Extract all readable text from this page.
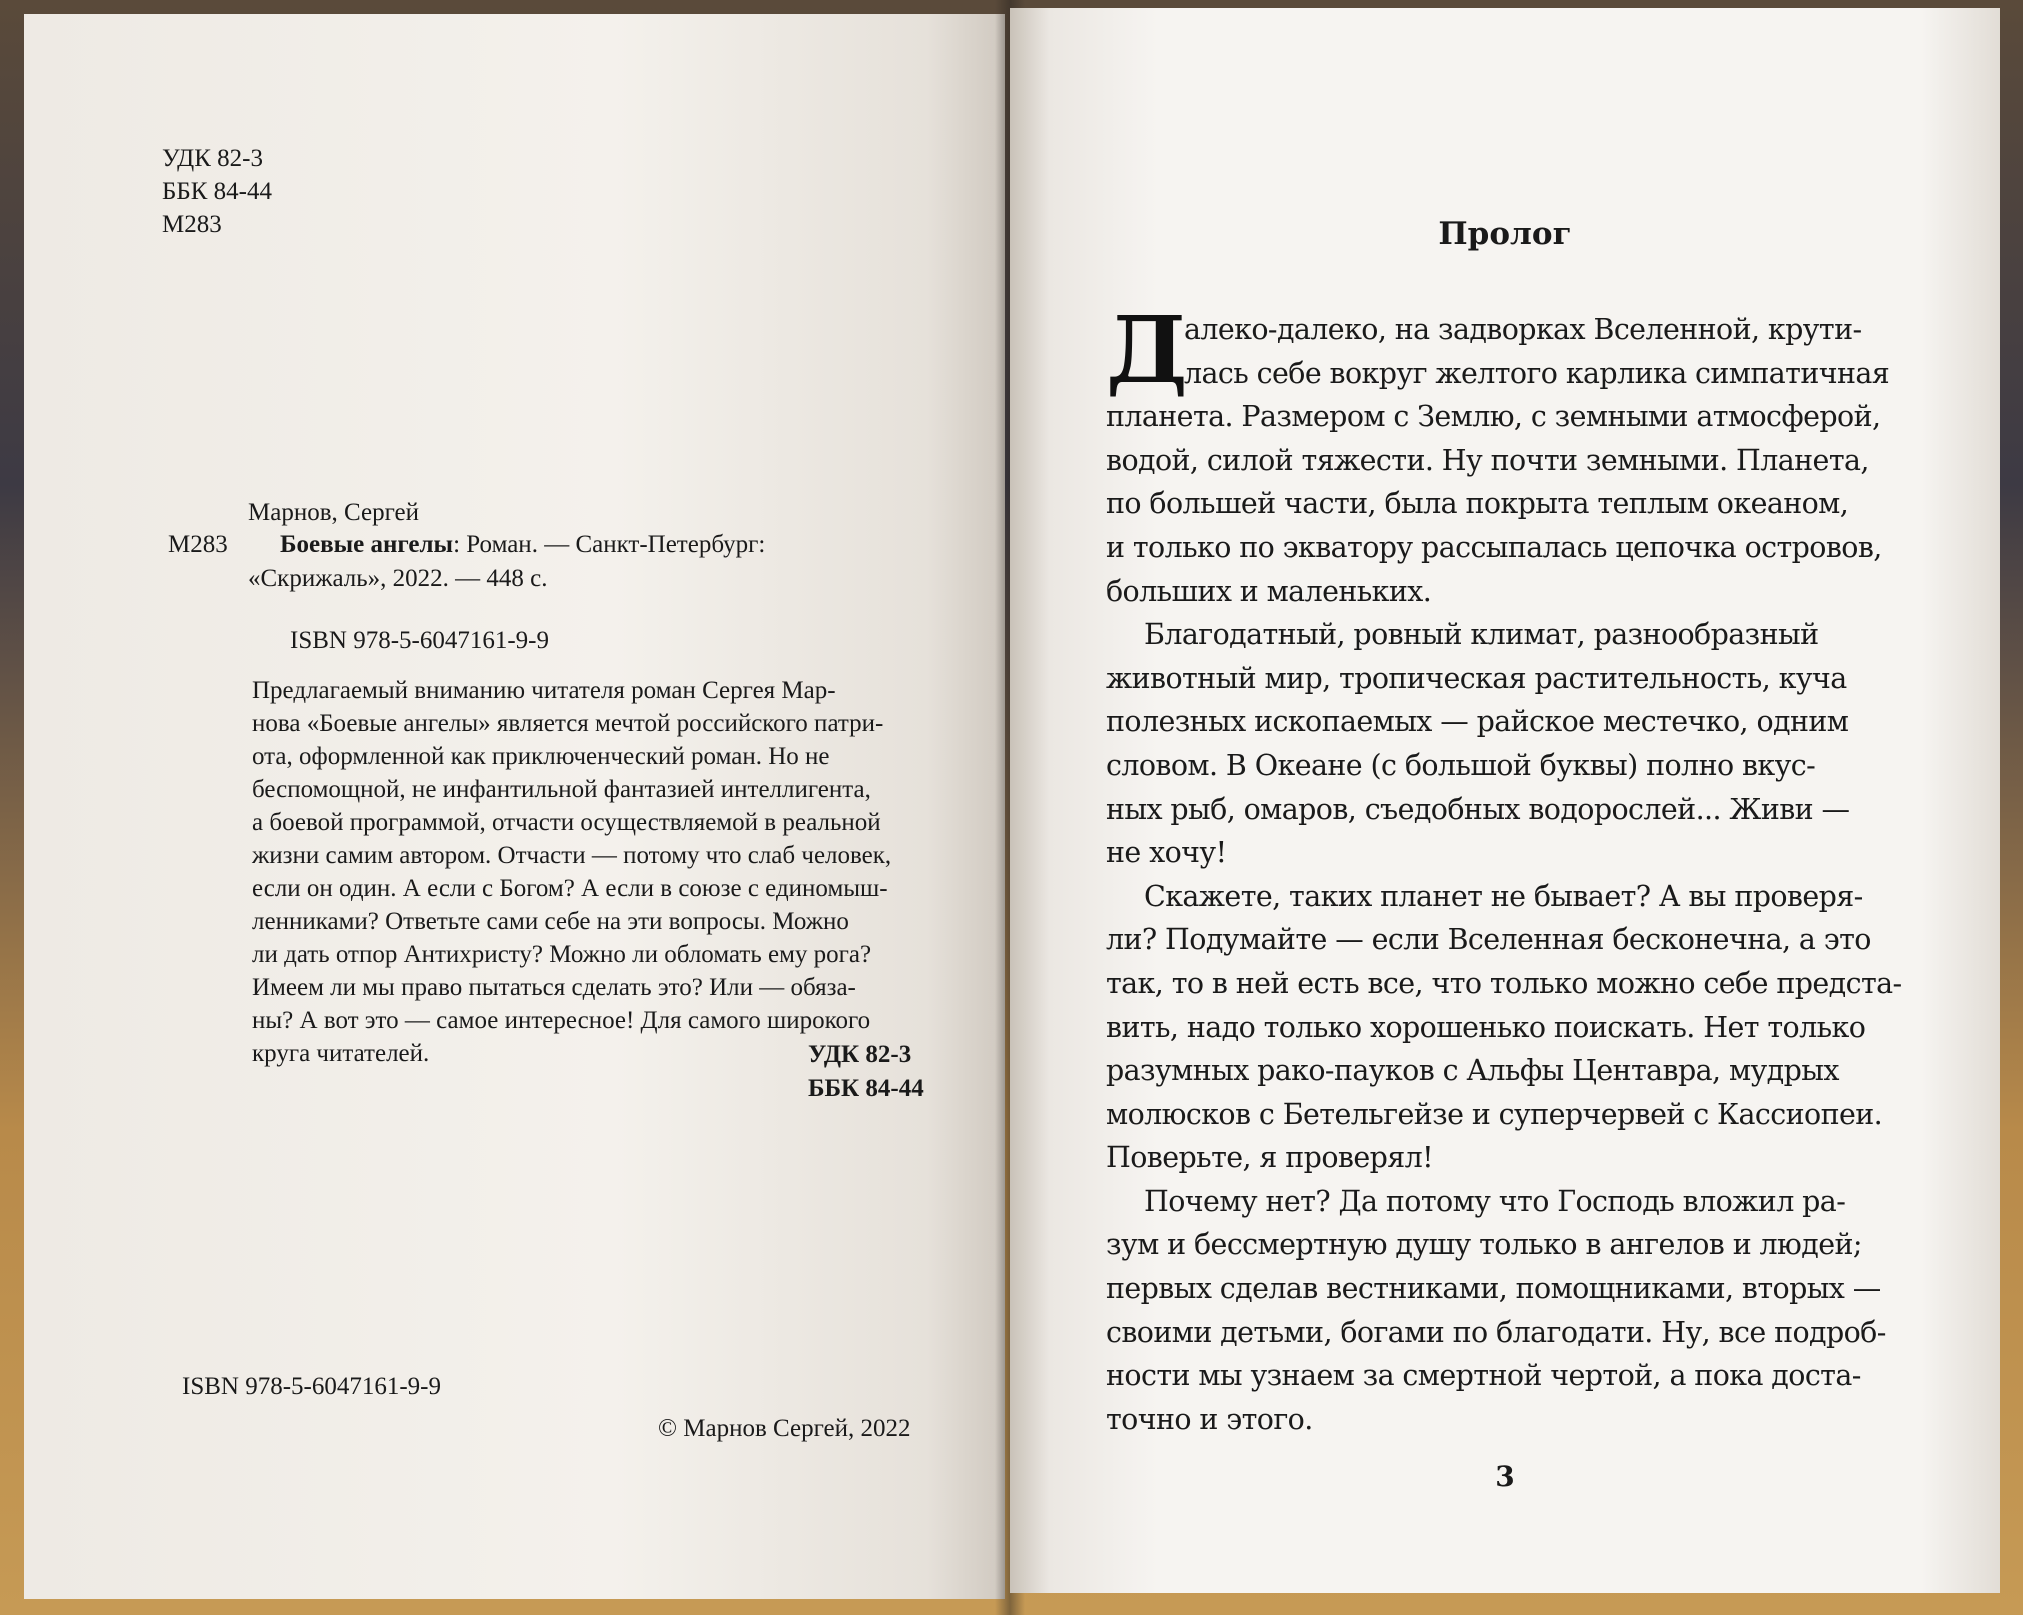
УДК 82-3
ББК 84-44
М283
Марнов, Сергей
М283 Боевые ангелы: Роман. — Санкт-Петербург:
«Скрижаль», 2022. — 448 с.
ISBN 978-5-6047161-9-9
Предлагаемый вниманию читателя роман Сергея Мар-
нова «Боевые ангелы» является мечтой российского патри-
ота, оформленной как приключенческий роман. Но не
беспомощной, не инфантильной фантазией интеллигента,
а боевой программой, отчасти осуществляемой в реальной
жизни самим автором. Отчасти — потому что слаб человек,
если он один. А если с Богом? А если в союзе с единомыш-
ленниками? Ответьте сами себе на эти вопросы. Можно
ли дать отпор Антихристу? Можно ли обломать ему рога?
Имеем ли мы право пытаться сделать это? Или — обяза-
ны? А вот это — самое интересное! Для самого широкого
круга читателей.	УДК 82-3
ББК 84-44
ISBN 978-5-6047161-9-9
© Марнов Сергей, 2022
Пролог
Д
алеко-далеко, на задворках Вселенной, крути-
лась себе вокруг желтого карлика симпатичная
планета. Размером с Землю, с земными атмосферой,
водой, силой тяжести. Ну почти земными. Планета,
по большей части, была покрыта теплым океаном,
и только по экватору рассыпалась цепочка островов,
больших и маленьких.
Благодатный, ровный климат, разнообразный
животный мир, тропическая растительность, куча
полезных ископаемых — райское местечко, одним
словом. В Океане (с большой буквы) полно вкус-
ных рыб, омаров, съедобных водорослей... Живи —
не хочу!
Скажете, таких планет не бывает? А вы проверя-
ли? Подумайте — если Вселенная бесконечна, а это
так, то в ней есть все, что только можно себе предста-
вить, надо только хорошенько поискать. Нет только
разумных рако-пауков с Альфы Центавра, мудрых
молюсков с Бетельгейзе и суперчервей с Кассиопеи.
Поверьте, я проверял!
Почему нет? Да потому что Господь вложил ра-
зум и бессмертную душу только в ангелов и людей;
первых сделав вестниками, помощниками, вторых —
своими детьми, богами по благодати. Ну, все подроб-
ности мы узнаем за смертной чертой, а пока доста-
точно и этого.
3
